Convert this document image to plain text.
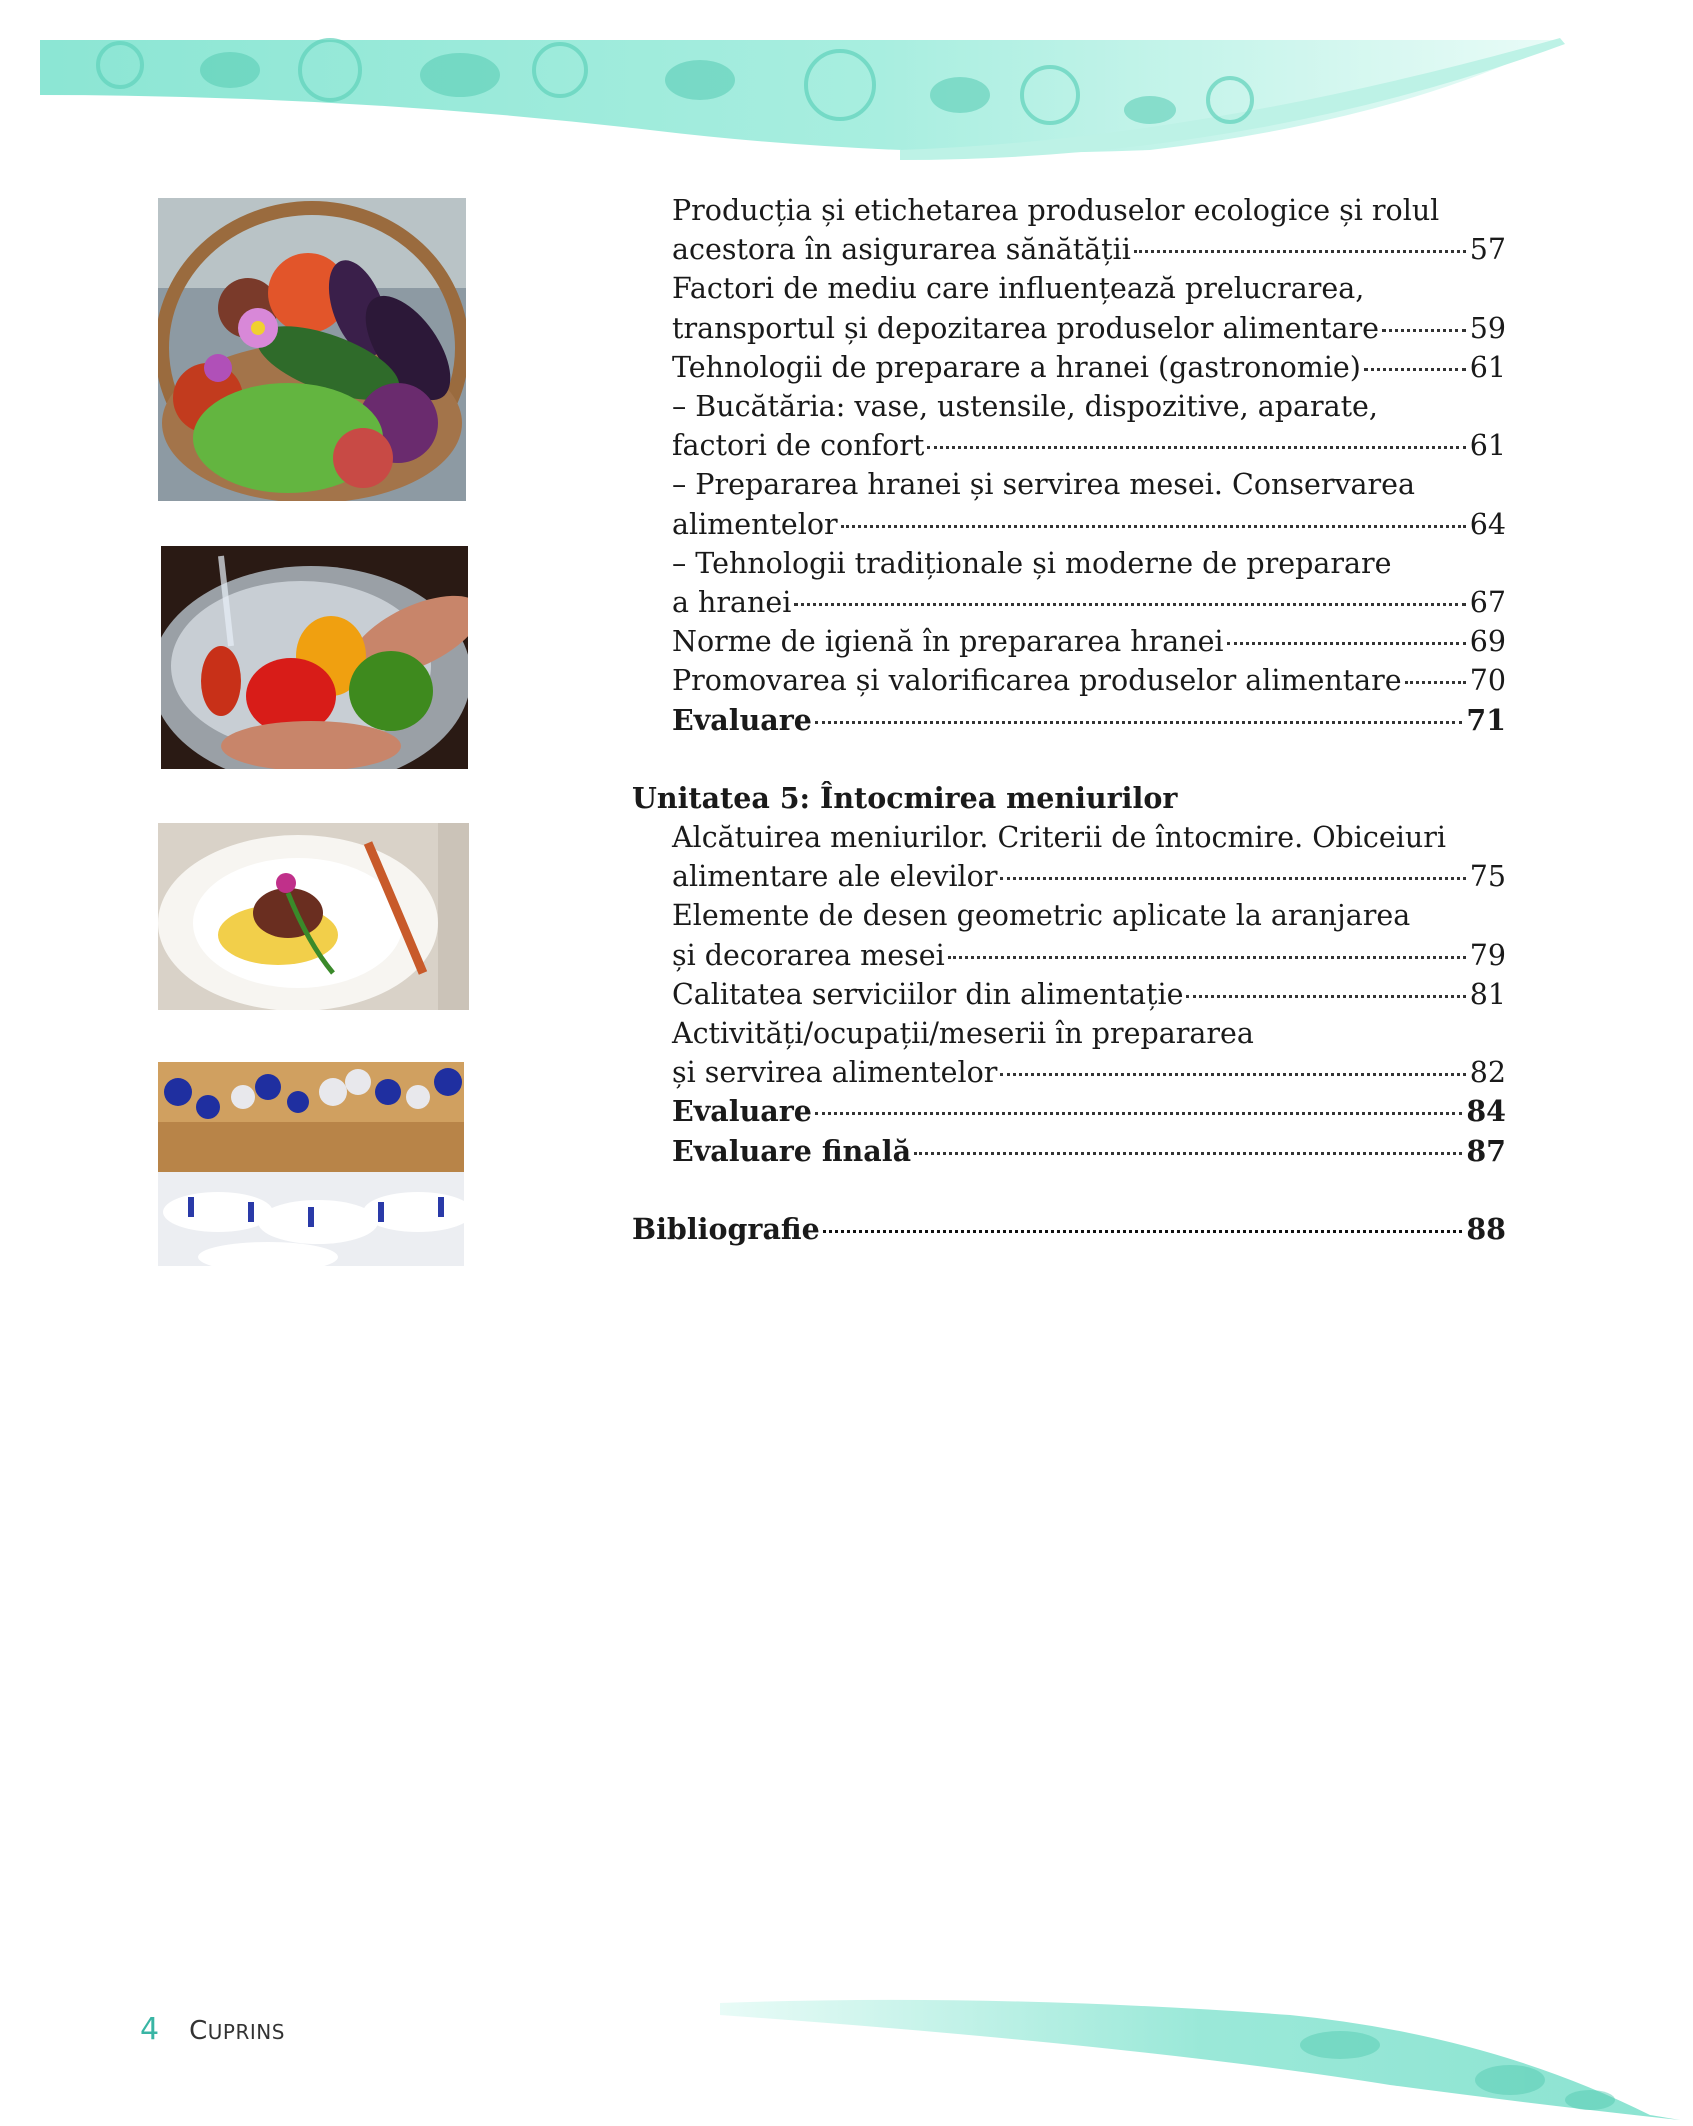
Producția și etichetarea produselor ecologice și rolul
acestora în asigurarea sănătății	57
Factori de mediu care influențează prelucrarea,
transportul și depozitarea produselor alimentare	59
Tehnologii de preparare a hranei (gastronomie)	61
– Bucătăria: vase, ustensile, dispozitive, aparate,
factori de confort	61
– Prepararea hranei și servirea mesei. Conservarea
alimentelor	64
– Tehnologii tradiționale și moderne de preparare
a hranei	67
Norme de igienă în prepararea hranei	69
Promovarea și valorificarea produselor alimentare 70
Evaluare	71
Unitatea 5: Întocmirea meniurilor
Alcătuirea meniurilor. Criterii de întocmire. Obiceiuri
alimentare ale elevilor	75
Elemente de desen geometric aplicate la aranjarea
și decorarea mesei	79
Calitatea serviciilor din alimentație	81
Activități/ocupații/meserii în prepararea
și servirea alimentelor	82
Evaluare	84
Evaluare finală	87
Bibliografie	88
4 CUPRINS
